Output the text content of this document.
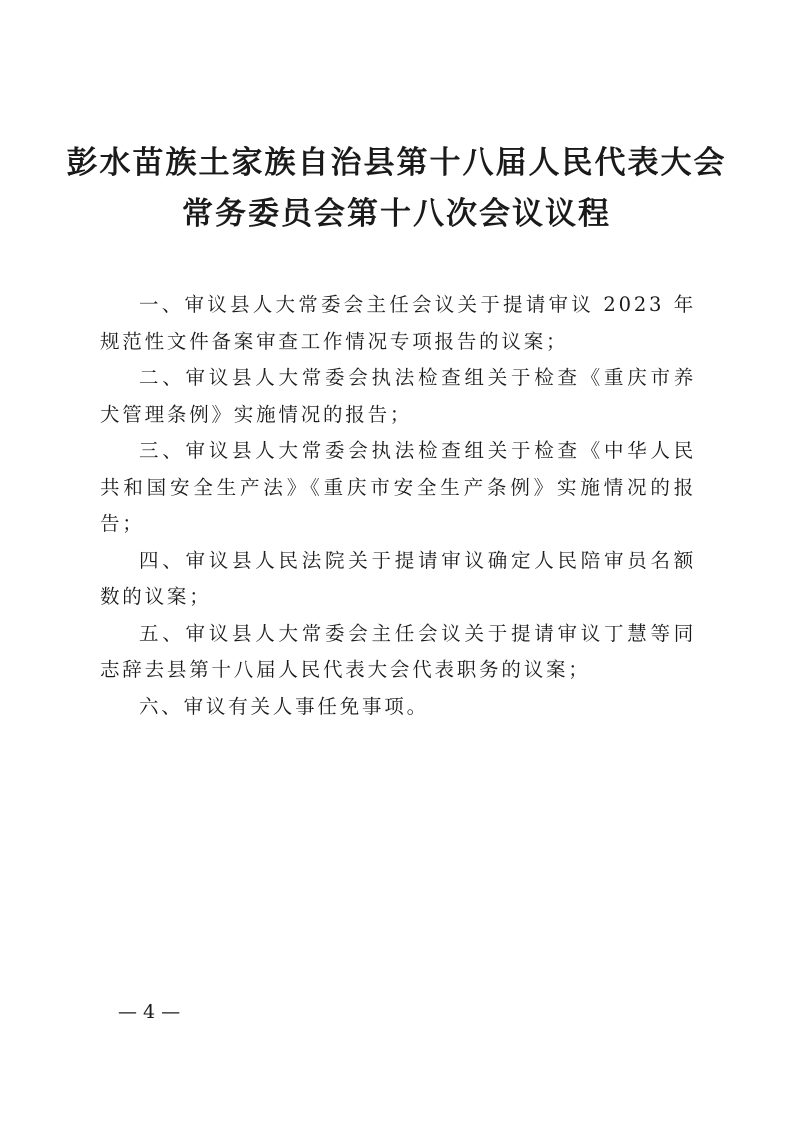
彭水苗族土家族自治县第十八届人民代表大会
常务委员会第十八次会议议程

一、审议县人大常委会主任会议关于提请审议 2023 年规范性文件备案审查工作情况专项报告的议案；

二、审议县人大常委会执法检查组关于检查《重庆市养犬管理条例》实施情况的报告；

三、审议县人大常委会执法检查组关于检查《中华人民共和国安全生产法》《重庆市安全生产条例》实施情况的报告；

四、审议县人民法院关于提请审议确定人民陪审员名额数的议案；

五、审议县人大常委会主任会议关于提请审议丁慧等同志辞去县第十八届人民代表大会代表职务的议案；

六、审议有关人事任免事项。

— 4 —
